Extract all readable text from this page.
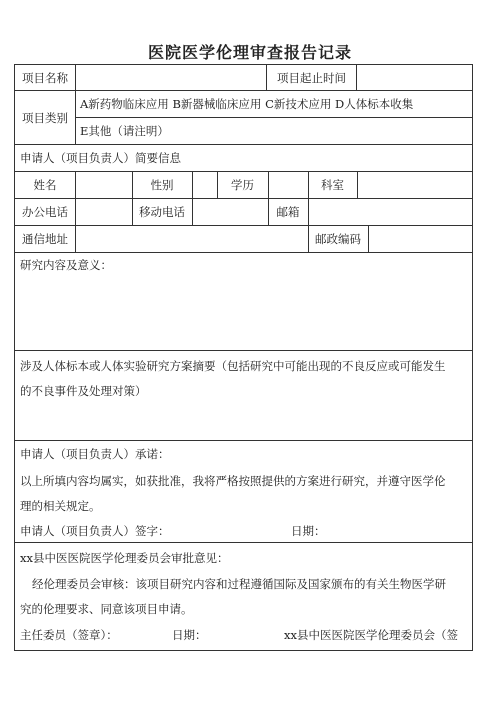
医院医学伦理审查报告记录
项目名称	项目起止时间
项目类别
A新药物临床应用 B新器械临床应用 C新技术应用 D人体标本收集
E其他（请注明）
申请人（项目负责人）简要信息
姓名	性别	学历	科室
办公电话	移动电话	邮箱
通信地址	邮政编码
研究内容及意义：
涉及人体标本或人体实验研究方案摘要（包括研究中可能出现的不良反应或可能发生
的不良事件及处理对策）
申请人（项目负责人）承诺：
以上所填内容均属实，如获批准，我将严格按照提供的方案进行研究，并遵守医学伦
理的相关规定。
申请人（项目负责人）签字：	日期：
xx县中医医院医学伦理委员会审批意见：
经伦理委员会审核：该项目研究内容和过程遵循国际及国家颁布的有关生物医学研
究的伦理要求、同意该项目申请。
主任委员（签章）：	日期：	xx县中医医院医学伦理委员会（签
